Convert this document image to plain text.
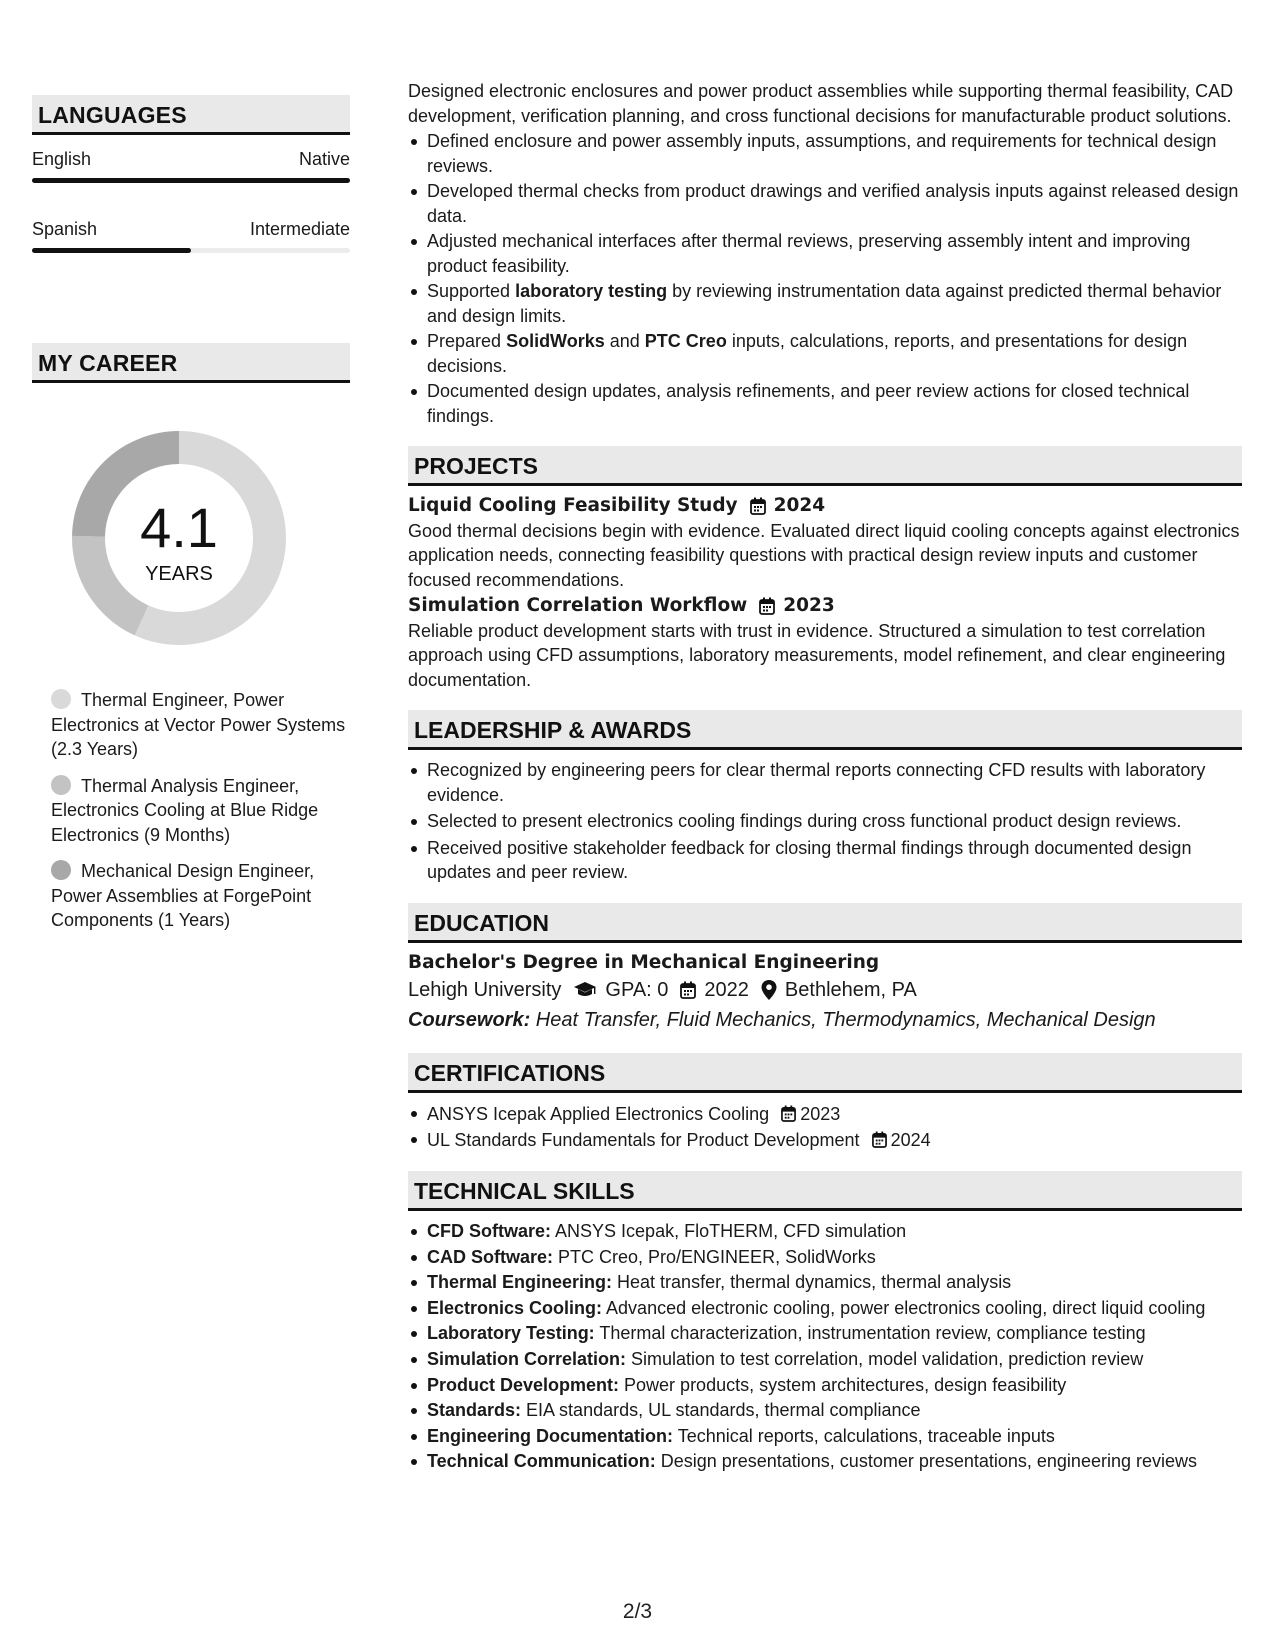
LANGUAGES
English	Native
Spanish	Intermediate
MY CAREER
4.1
YEARS
Thermal Engineer, Power Electronics at Vector Power Systems (2.3 Years)
Thermal Analysis Engineer, Electronics Cooling at Blue Ridge Electronics (9 Months)
Mechanical Design Engineer, Power Assemblies at ForgePoint Components (1 Years)

Designed electronic enclosures and power product assemblies while supporting thermal feasibility, CAD development, verification planning, and cross functional decisions for manufacturable product solutions.

Defined enclosure and power assembly inputs, assumptions, and requirements for technical design reviews.
Developed thermal checks from product drawings and verified analysis inputs against released design data.
Adjusted mechanical interfaces after thermal reviews, preserving assembly intent and improving product feasibility.
Supported laboratory testing by reviewing instrumentation data against predicted thermal behavior and design limits.
Prepared SolidWorks and PTC Creo inputs, calculations, reports, and presentations for design decisions.
Documented design updates, analysis refinements, and peer review actions for closed technical findings.
PROJECTS
Liquid Cooling Feasibility Study 2024

Good thermal decisions begin with evidence. Evaluated direct liquid cooling concepts against electronics application needs, connecting feasibility questions with practical design review inputs and customer focused recommendations.

Simulation Correlation Workflow 2023

Reliable product development starts with trust in evidence. Structured a simulation to test correlation approach using CFD assumptions, laboratory measurements, model refinement, and clear engineering documentation.

LEADERSHIP & AWARDS
Recognized by engineering peers for clear thermal reports connecting CFD results with laboratory evidence.
Selected to present electronics cooling findings during cross functional product design reviews.
Received positive stakeholder feedback for closing thermal findings through documented design updates and peer review.
EDUCATION
Bachelor's Degree in Mechanical Engineering
Lehigh University GPA: 0 2022 Bethlehem, PA
Coursework: Heat Transfer, Fluid Mechanics, Thermodynamics, Mechanical Design
CERTIFICATIONS
ANSYS Icepak Applied Electronics Cooling 2023
UL Standards Fundamentals for Product Development 2024
TECHNICAL SKILLS
CFD Software: ANSYS Icepak, FloTHERM, CFD simulation
CAD Software: PTC Creo, Pro/ENGINEER, SolidWorks
Thermal Engineering: Heat transfer, thermal dynamics, thermal analysis
Electronics Cooling: Advanced electronic cooling, power electronics cooling, direct liquid cooling
Laboratory Testing: Thermal characterization, instrumentation review, compliance testing
Simulation Correlation: Simulation to test correlation, model validation, prediction review
Product Development: Power products, system architectures, design feasibility
Standards: EIA standards, UL standards, thermal compliance
Engineering Documentation: Technical reports, calculations, traceable inputs
Technical Communication: Design presentations, customer presentations, engineering reviews
2/3
